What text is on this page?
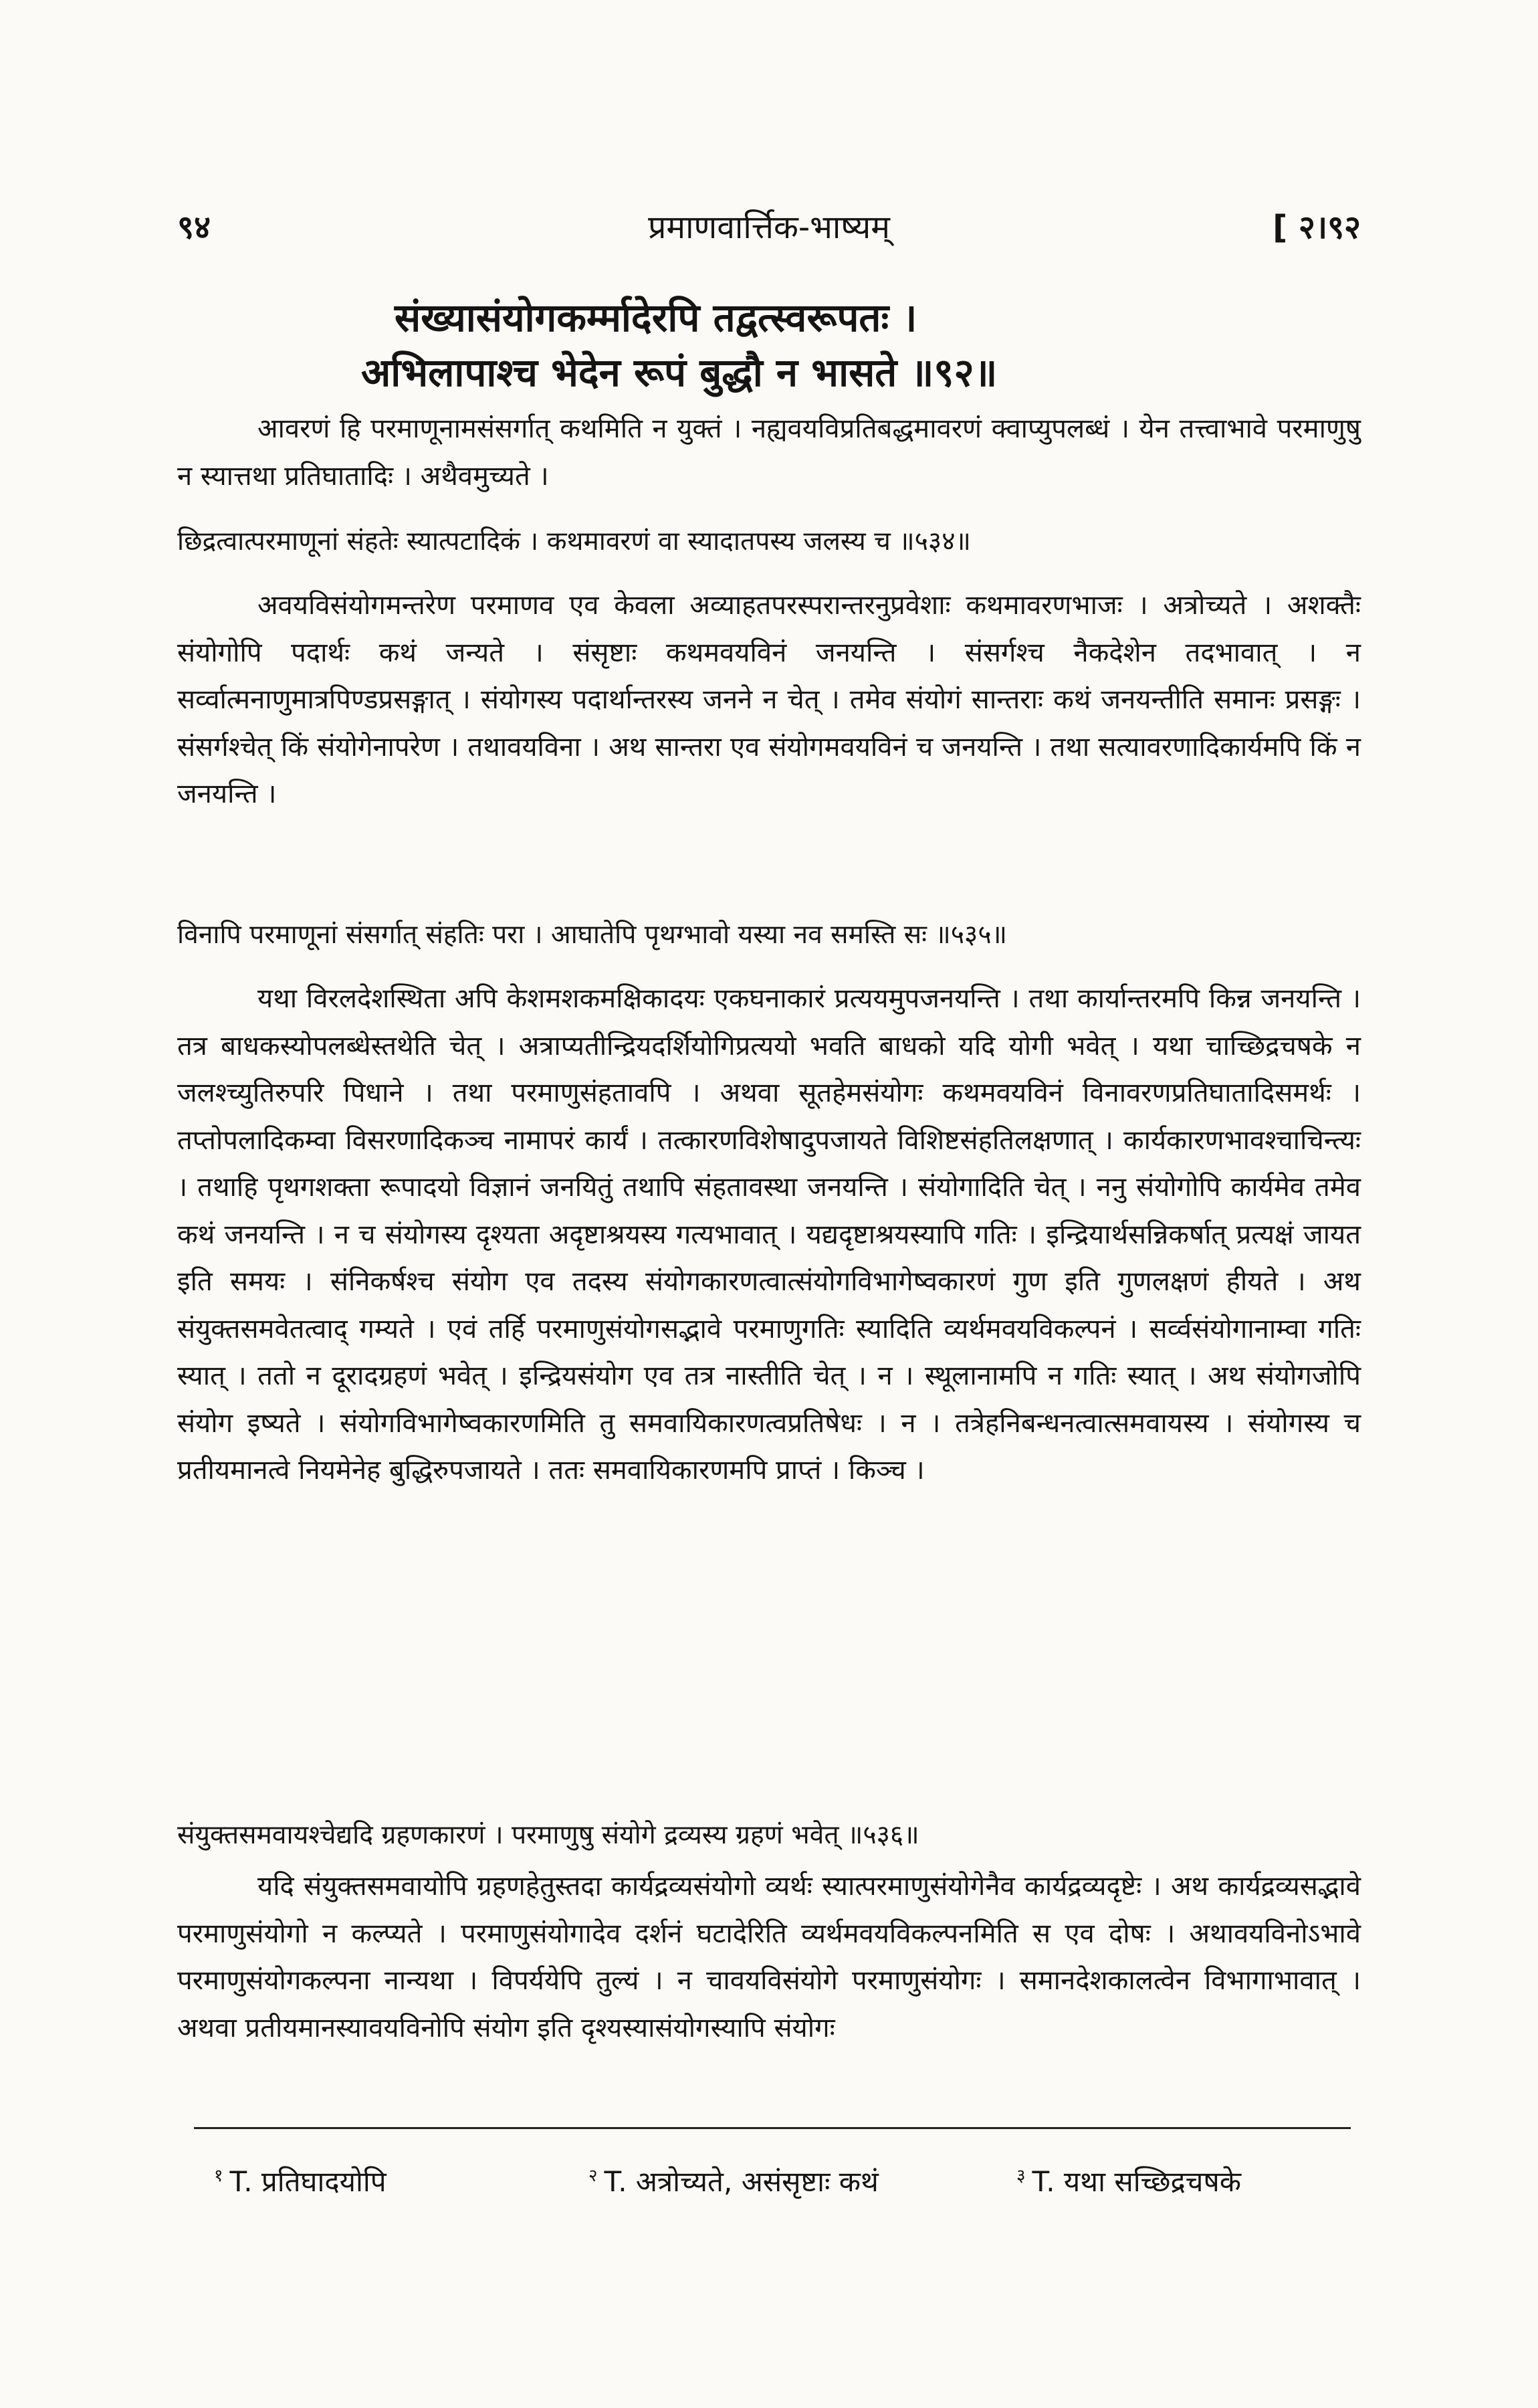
९४	प्रमाणवार्त्तिक-भाष्यम्	[ २।९२
संख्यासंयोगकर्म्मादेरपि तद्वत्स्वरूपतः ।
अभिलापाश्च भेदेन रूपं बुद्धौ न भासते ॥९२॥

आवरणं हि परमाणूनामसंसर्गात् कथमिति न युक्तं । नह्यवयविप्रतिबद्धमावरणं क्वाप्युपलब्धं । येन तत्त्वाभावे परमाणुषु न स्यात्तथा प्रतिघातादिः । अथैवमुच्यते ।

छिद्रत्वात्परमाणूनां संहतेः स्यात्पटादिकं । कथमावरणं वा स्यादातपस्य जलस्य च ॥५३४॥

अवयविसंयोगमन्तरेण परमाणव एव केवला अव्याहतपरस्परान्तरनुप्रवेशाः कथमावरणभाजः । अत्रोच्यते । अशक्तैः संयोगोपि पदार्थः कथं जन्यते । संसृष्टाः कथमवयविनं जनयन्ति । संसर्गश्च नैकदेशेन तदभावात् । न सर्व्वात्मनाणुमात्रपिण्डप्रसङ्गात् । संयोगस्य पदार्थान्तरस्य जनने न चेत् । तमेव संयोगं सान्तराः कथं जनयन्तीति समानः प्रसङ्गः । संसर्गश्चेत् किं संयोगेनापरेण । तथावयविना । अथ सान्तरा एव संयोगमवयविनं च जनयन्ति । तथा सत्यावरणादिकार्यमपि किं न जनयन्ति ।

विनापि परमाणूनां संसर्गात् संहतिः परा । आघातेपि पृथग्भावो यस्या नव समस्ति सः ॥५३५॥

यथा विरलदेशस्थिता अपि केशमशकमक्षिकादयः एकघनाकारं प्रत्ययमुपजनयन्ति । तथा कार्यान्तरमपि किन्न जनयन्ति । तत्र बाधकस्योपलब्धेस्तथेति चेत् । अत्राप्यतीन्द्रियदर्शियोगिप्रत्ययो भवति बाधको यदि योगी भवेत् । यथा चाच्छिद्रचषके न जलश्च्युतिरुपरि पिधाने । तथा परमाणुसंहतावपि । अथवा सूतहेमसंयोगः कथमवयविनं विनावरणप्रतिघातादिसमर्थः । तप्तोपलादिकम्वा विसरणादिकञ्च नामापरं कार्यं । तत्कारणविशेषादुपजायते विशिष्टसंहतिलक्षणात् । कार्यकारणभावश्चाचिन्त्यः । तथाहि पृथगशक्ता रूपादयो विज्ञानं जनयितुं तथापि संहतावस्था जनयन्ति । संयोगादिति चेत् । ननु संयोगोपि कार्यमेव तमेव कथं जनयन्ति । न च संयोगस्य दृश्यता अदृष्टाश्रयस्य गत्यभावात् । यद्यदृष्टाश्रयस्यापि गतिः । इन्द्रियार्थसन्निकर्षात् प्रत्यक्षं जायत इति समयः । संनिकर्षश्च संयोग एव तदस्य संयोगकारणत्वात्संयोगविभागेष्वकारणं गुण इति गुणलक्षणं हीयते । अथ संयुक्तसमवेतत्वाद् गम्यते । एवं तर्हि परमाणुसंयोगसद्भावे परमाणुगतिः स्यादिति व्यर्थमवयविकल्पनं । सर्व्वसंयोगानाम्वा गतिः स्यात् । ततो न दूरादग्रहणं भवेत् । इन्द्रियसंयोग एव तत्र नास्तीति चेत् । न । स्थूलानामपि न गतिः स्यात् । अथ संयोगजोपि संयोग इष्यते । संयोगविभागेष्वकारणमिति तु समवायिकारणत्वप्रतिषेधः । न । तत्रेहनिबन्धनत्वात्समवायस्य । संयोगस्य च प्रतीयमानत्वे नियमेनेह बुद्धिरुपजायते । ततः समवायिकारणमपि प्राप्तं । किञ्च ।

संयुक्तसमवायश्चेद्यदि ग्रहणकारणं । परमाणुषु संयोगे द्रव्यस्य ग्रहणं भवेत् ॥५३६॥

यदि संयुक्तसमवायोपि ग्रहणहेतुस्तदा कार्यद्रव्यसंयोगो व्यर्थः स्यात्परमाणुसंयोगेनैव कार्यद्रव्यदृष्टेः । अथ कार्यद्रव्यसद्भावे परमाणुसंयोगो न कल्प्यते । परमाणुसंयोगादेव दर्शनं घटादेरिति व्यर्थमवयविकल्पनमिति स एव दोषः । अथावयविनोऽभावे परमाणुसंयोगकल्पना नान्यथा । विपर्ययेपि तुल्यं । न चावयविसंयोगे परमाणुसंयोगः । समानदेशकालत्वेन विभागाभावात् । अथवा प्रतीयमानस्यावयविनोपि संयोग इति दृश्यस्यासंयोगस्यापि संयोगः

$^१$ T. प्रतिघादयोपि	$^२$ T. अत्रोच्यते, असंसृष्टाः कथं	$^३$ T. यथा सच्छिद्रचषके
